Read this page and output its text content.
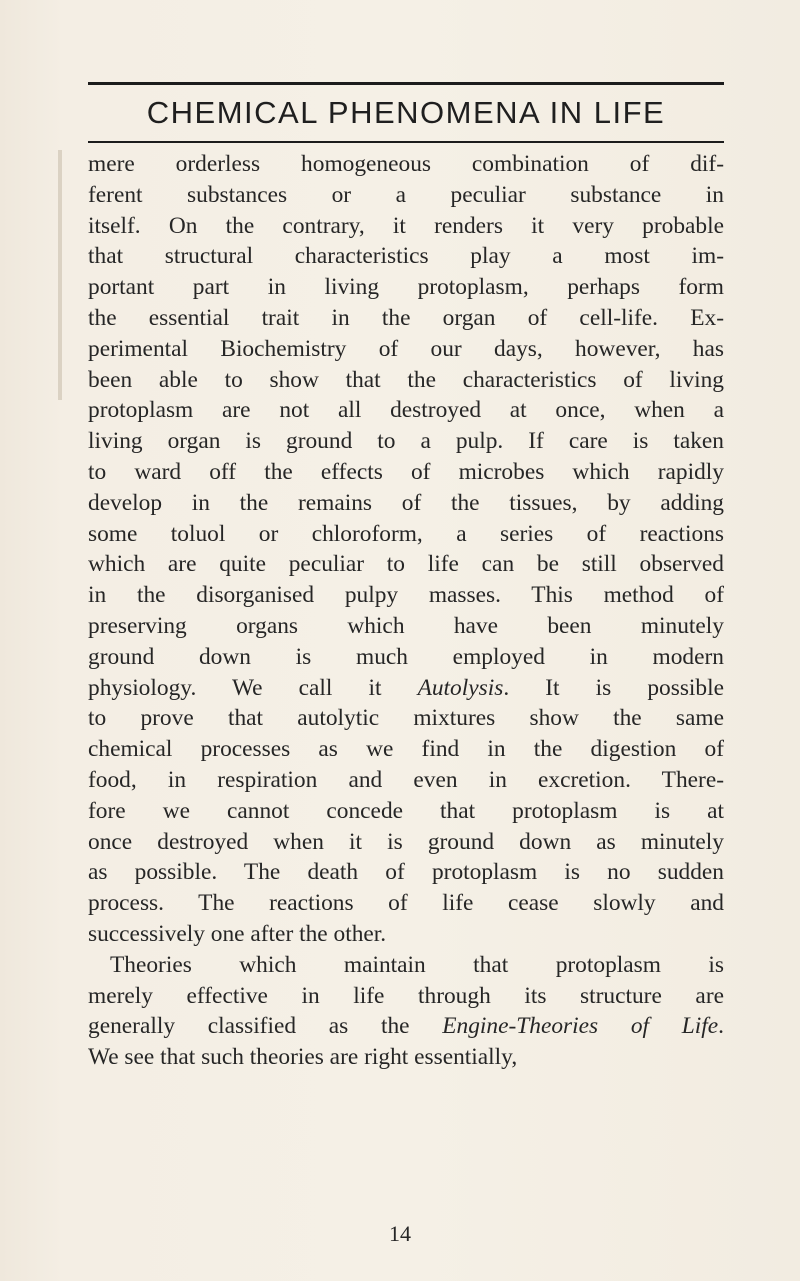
CHEMICAL PHENOMENA IN LIFE
mere orderless homogeneous combination of dif-
ferent substances or a peculiar substance in
itself. On the contrary, it renders it very probable
that structural characteristics play a most im-
portant part in living protoplasm, perhaps form
the essential trait in the organ of cell-life. Ex-
perimental Biochemistry of our days, however, has
been able to show that the characteristics of living
protoplasm are not all destroyed at once, when a
living organ is ground to a pulp. If care is taken
to ward off the effects of microbes which rapidly
develop in the remains of the tissues, by adding
some toluol or chloroform, a series of reactions
which are quite peculiar to life can be still observed
in the disorganised pulpy masses. This method of
preserving organs which have been minutely
ground down is much employed in modern
physiology. We call it Autolysis. It is possible
to prove that autolytic mixtures show the same
chemical processes as we find in the digestion of
food, in respiration and even in excretion. There-
fore we cannot concede that protoplasm is at
once destroyed when it is ground down as minutely
as possible. The death of protoplasm is no sudden
process. The reactions of life cease slowly and
successively one after the other.
Theories which maintain that protoplasm is
merely effective in life through its structure are
generally classified as the Engine-Theories of Life.
We see that such theories are right essentially,
14
